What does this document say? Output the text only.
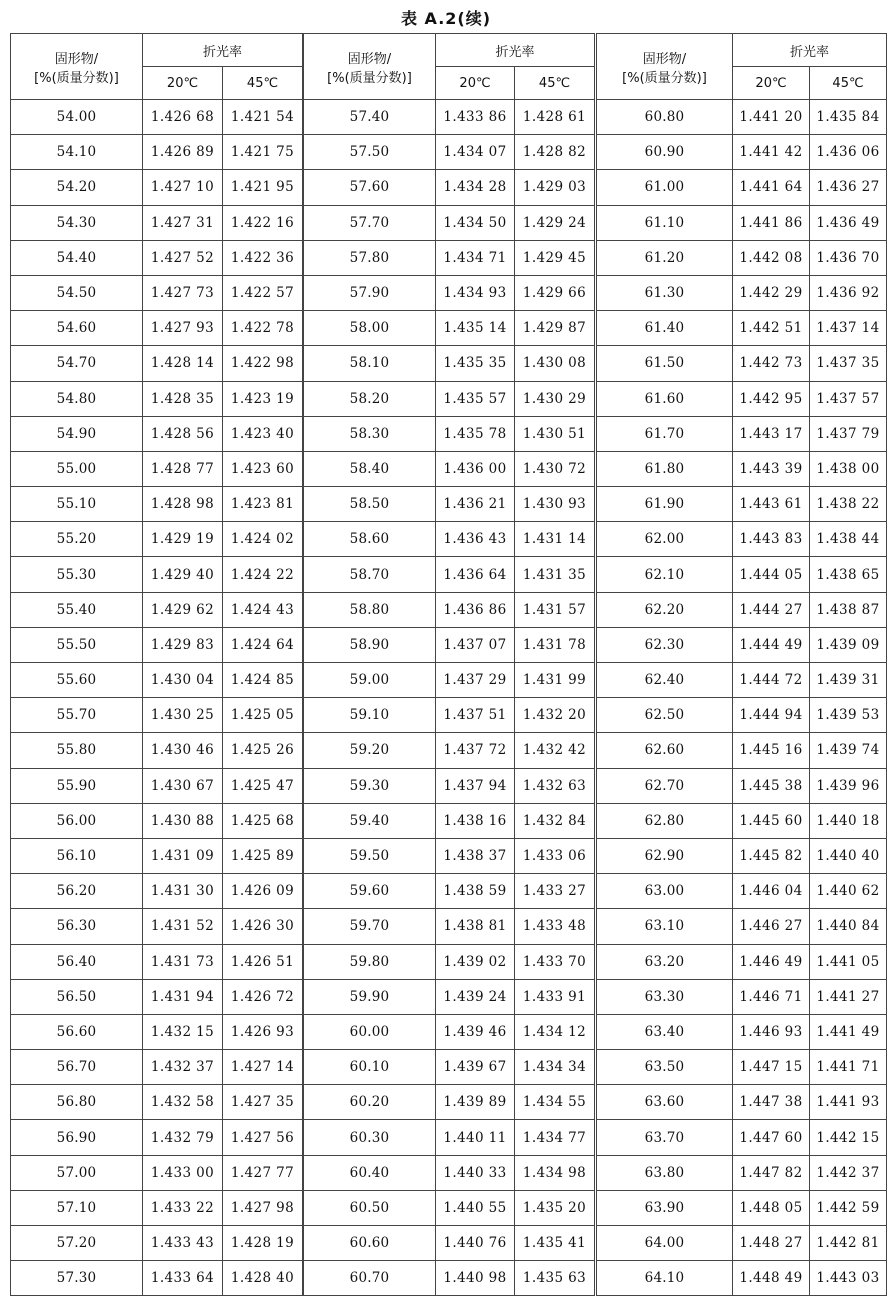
表 A.2(续)
固形物/
[%(质量分数)]	折光率	
	20℃	45℃
54.00	1.426 68	1.421 54
54.10	1.426 89	1.421 75
54.20	1.427 10	1.421 95
54.30	1.427 31	1.422 16
54.40	1.427 52	1.422 36
54.50	1.427 73	1.422 57
54.60	1.427 93	1.422 78
54.70	1.428 14	1.422 98
54.80	1.428 35	1.423 19
54.90	1.428 56	1.423 40
55.00	1.428 77	1.423 60
55.10	1.428 98	1.423 81
55.20	1.429 19	1.424 02
55.30	1.429 40	1.424 22
55.40	1.429 62	1.424 43
55.50	1.429 83	1.424 64
55.60	1.430 04	1.424 85
55.70	1.430 25	1.425 05
55.80	1.430 46	1.425 26
55.90	1.430 67	1.425 47
56.00	1.430 88	1.425 68
56.10	1.431 09	1.425 89
56.20	1.431 30	1.426 09
56.30	1.431 52	1.426 30
56.40	1.431 73	1.426 51
56.50	1.431 94	1.426 72
56.60	1.432 15	1.426 93
56.70	1.432 37	1.427 14
56.80	1.432 58	1.427 35
56.90	1.432 79	1.427 56
57.00	1.433 00	1.427 77
57.10	1.433 22	1.427 98
57.20	1.433 43	1.428 19
57.30	1.433 64	1.428 40
固形物/
[%(质量分数)]	折光率	
	20℃	45℃
57.40	1.433 86	1.428 61
57.50	1.434 07	1.428 82
57.60	1.434 28	1.429 03
57.70	1.434 50	1.429 24
57.80	1.434 71	1.429 45
57.90	1.434 93	1.429 66
58.00	1.435 14	1.429 87
58.10	1.435 35	1.430 08
58.20	1.435 57	1.430 29
58.30	1.435 78	1.430 51
58.40	1.436 00	1.430 72
58.50	1.436 21	1.430 93
58.60	1.436 43	1.431 14
58.70	1.436 64	1.431 35
58.80	1.436 86	1.431 57
58.90	1.437 07	1.431 78
59.00	1.437 29	1.431 99
59.10	1.437 51	1.432 20
59.20	1.437 72	1.432 42
59.30	1.437 94	1.432 63
59.40	1.438 16	1.432 84
59.50	1.438 37	1.433 06
59.60	1.438 59	1.433 27
59.70	1.438 81	1.433 48
59.80	1.439 02	1.433 70
59.90	1.439 24	1.433 91
60.00	1.439 46	1.434 12
60.10	1.439 67	1.434 34
60.20	1.439 89	1.434 55
60.30	1.440 11	1.434 77
60.40	1.440 33	1.434 98
60.50	1.440 55	1.435 20
60.60	1.440 76	1.435 41
60.70	1.440 98	1.435 63
固形物/
[%(质量分数)]	折光率	
	20℃	45℃
60.80	1.441 20	1.435 84
60.90	1.441 42	1.436 06
61.00	1.441 64	1.436 27
61.10	1.441 86	1.436 49
61.20	1.442 08	1.436 70
61.30	1.442 29	1.436 92
61.40	1.442 51	1.437 14
61.50	1.442 73	1.437 35
61.60	1.442 95	1.437 57
61.70	1.443 17	1.437 79
61.80	1.443 39	1.438 00
61.90	1.443 61	1.438 22
62.00	1.443 83	1.438 44
62.10	1.444 05	1.438 65
62.20	1.444 27	1.438 87
62.30	1.444 49	1.439 09
62.40	1.444 72	1.439 31
62.50	1.444 94	1.439 53
62.60	1.445 16	1.439 74
62.70	1.445 38	1.439 96
62.80	1.445 60	1.440 18
62.90	1.445 82	1.440 40
63.00	1.446 04	1.440 62
63.10	1.446 27	1.440 84
63.20	1.446 49	1.441 05
63.30	1.446 71	1.441 27
63.40	1.446 93	1.441 49
63.50	1.447 15	1.441 71
63.60	1.447 38	1.441 93
63.70	1.447 60	1.442 15
63.80	1.447 82	1.442 37
63.90	1.448 05	1.442 59
64.00	1.448 27	1.442 81
64.10	1.448 49	1.443 03
